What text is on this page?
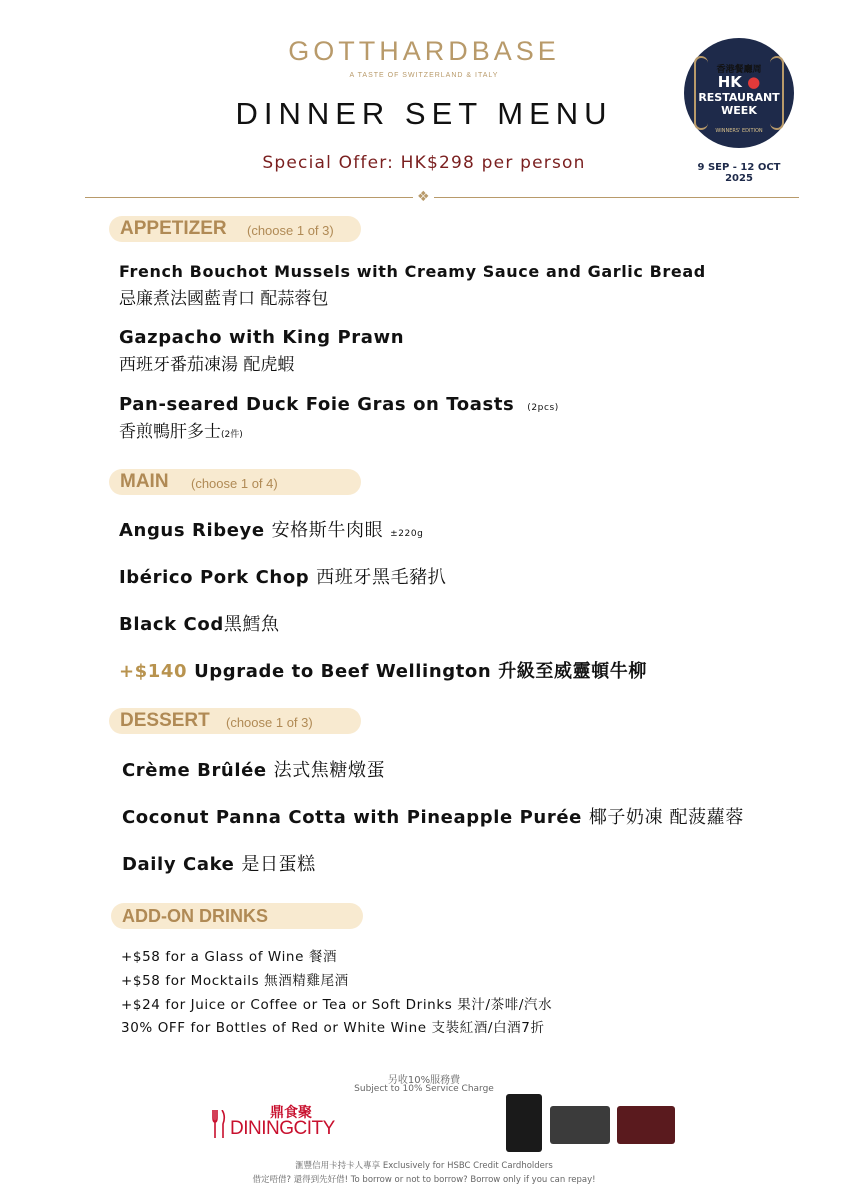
GOTTHARDBASE
A TASTE OF SWITZERLAND & ITALY
DINNER SET MENU
Special Offer: HK$298 per person
❖
香港餐廳周
HK ●
RESTAURANT
WEEK
WINNERS' EDITION
9 SEP - 12 OCT 2025
APPETIZER (choose 1 of 3)
French Bouchot Mussels with Creamy Sauce and Garlic Bread
忌廉煮法國藍青口 配蒜蓉包
Gazpacho with King Prawn
西班牙番茄凍湯 配虎蝦
Pan-seared Duck Foie Gras on Toasts (2pcs)
香煎鴨肝多士(2件)
MAIN (choose 1 of 4)
Angus Ribeye 安格斯牛肉眼 ±220g
Ibérico Pork Chop 西班牙黑毛豬扒
Black Cod黑鱈魚
+$140 Upgrade to Beef Wellington 升級至威靈頓牛柳
DESSERT (choose 1 of 3)
Crème Brûlée 法式焦糖燉蛋
Coconut Panna Cotta with Pineapple Purée 椰子奶凍 配菠蘿蓉
Daily Cake 是日蛋糕
ADD-ON DRINKS
+$58 for a Glass of Wine 餐酒
+$58 for Mocktails 無酒精雞尾酒
+$24 for Juice or Coffee or Tea or Soft Drinks 果汁/茶啡/汽水
30% OFF for Bottles of Red or White Wine 支裝紅酒/白酒7折
另收10%服務費
Subject to 10% Service Charge
鼎食聚
DININGCITY
滙豐信用卡持卡人專享 Exclusively for HSBC Credit Cardholders
借定唔借? 還得到先好借! To borrow or not to borrow? Borrow only if you can repay!
